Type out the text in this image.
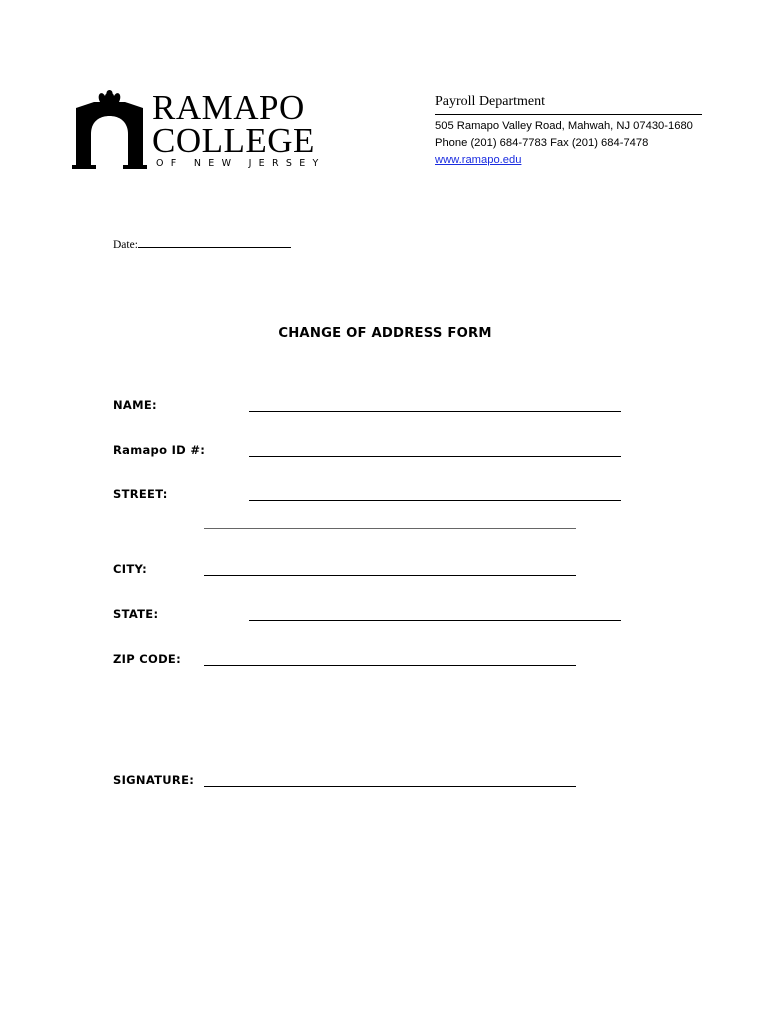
RAMAPO
COLLEGE
OF NEW JERSEY
Payroll Department
505 Ramapo Valley Road, Mahwah, NJ 07430-1680
Phone (201) 684-7783 Fax (201) 684-7478
www.ramapo.edu
Date:
CHANGE OF ADDRESS FORM
NAME:
Ramapo ID #:
STREET:
CITY:
STATE:
ZIP CODE:
SIGNATURE:
